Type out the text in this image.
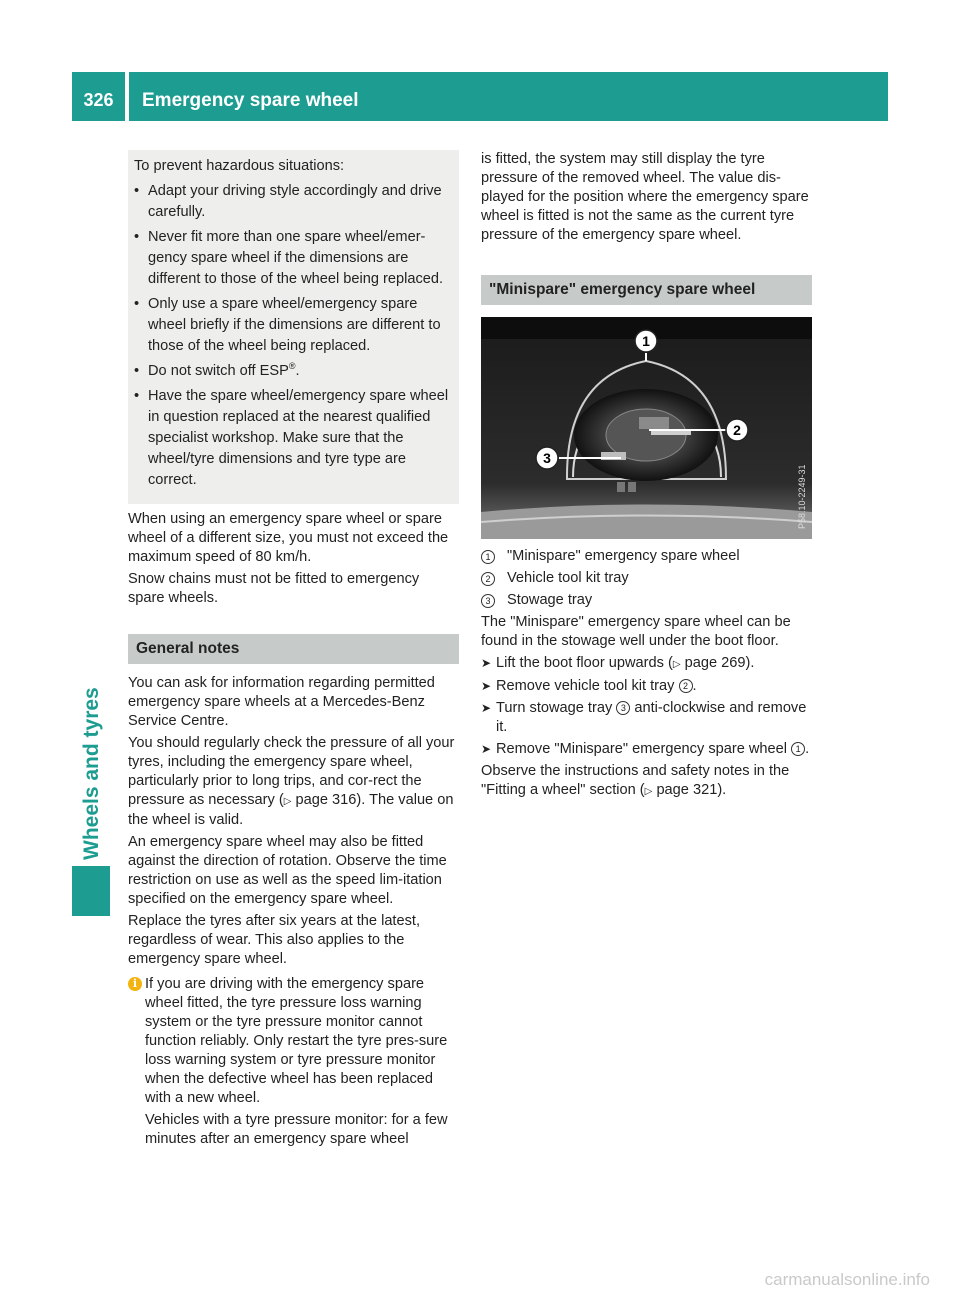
326	Emergency spare wheel
Wheels and tyres

To prevent hazardous situations:

• Adapt your driving style accordingly and drive carefully.
• Never fit more than one spare wheel/emer-gency spare wheel if the dimensions are different to those of the wheel being replaced.
• Only use a spare wheel/emergency spare wheel briefly if the dimensions are different to those of the wheel being replaced.
• Do not switch off ESP®.
• Have the spare wheel/emergency spare wheel in question replaced at the nearest qualified specialist workshop. Make sure that the wheel/tyre dimensions and tyre type are correct.

When using an emergency spare wheel or spare wheel of a different size, you must not exceed the maximum speed of 80 km/h.

Snow chains must not be fitted to emergency spare wheels.

General notes

You can ask for information regarding permitted emergency spare wheels at a Mercedes-Benz Service Centre.

You should regularly check the pressure of all your tyres, including the emergency spare wheel, particularly prior to long trips, and cor-rect the pressure as necessary (▷ page 316). The value on the wheel is valid.

An emergency spare wheel may also be fitted against the direction of rotation. Observe the time restriction on use as well as the speed lim-itation specified on the emergency spare wheel.

Replace the tyres after six years at the latest, regardless of wear. This also applies to the emergency spare wheel.

i If you are driving with the emergency spare wheel fitted, the tyre pressure loss warning system or the tyre pressure monitor cannot function reliably. Only restart the tyre pres-sure loss warning system or tyre pressure monitor when the defective wheel has been replaced with a new wheel.

Vehicles with a tyre pressure monitor: for a few minutes after an emergency spare wheel

is fitted, the system may still display the tyre pressure of the removed wheel. The value dis-played for the position where the emergency spare wheel is fitted is not the same as the current tyre pressure of the emergency spare wheel.

"Minispare" emergency spare wheel
1
2
3
P58.10-2249-31
1	"Minispare" emergency spare wheel
2	Vehicle tool kit tray
3	Stowage tray

The "Minispare" emergency spare wheel can be found in the stowage well under the boot floor.

➤ Lift the boot floor upwards (▷ page 269).
➤ Remove vehicle tool kit tray 2 .
➤ Turn stowage tray 3 anti-clockwise and remove it.
➤ Remove "Minispare" emergency spare wheel 1 .

Observe the instructions and safety notes in the "Fitting a wheel" section (▷ page 321).

carmanualsonline.info
